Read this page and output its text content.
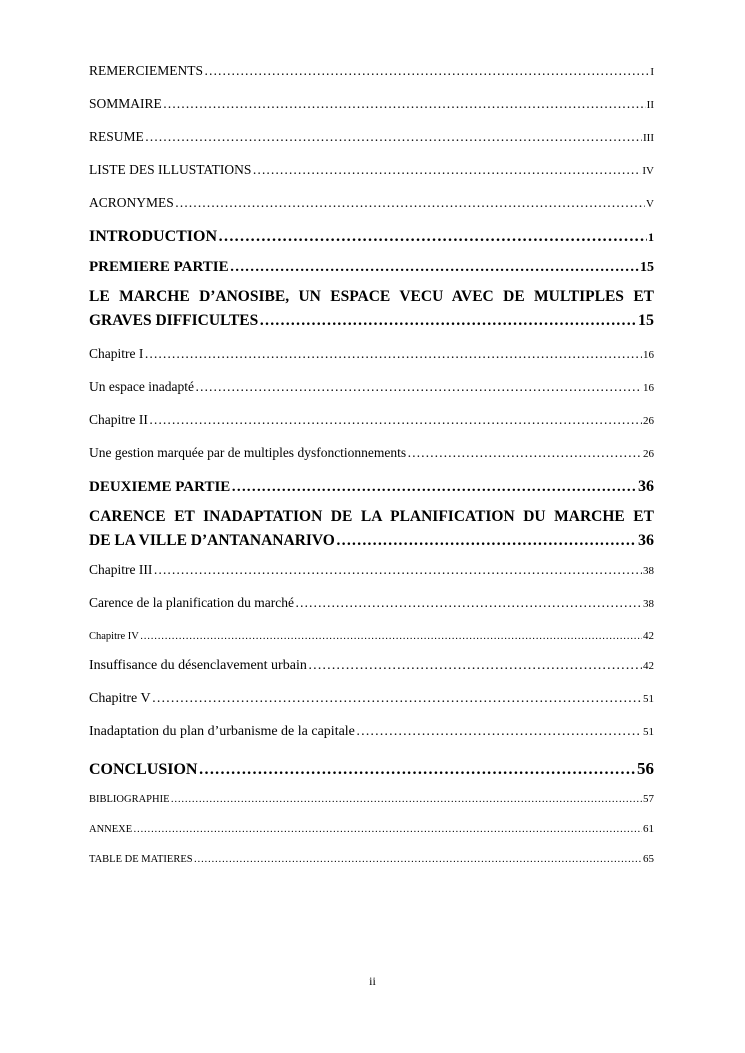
REMERCIEMENTS ……………………………………………………………………………………………………………………………………………………………………………………………………………………………………………………………………	I
SOMMAIRE ……………………………………………………………………………………………………………………………………………………………………………………………………………………………………………………………………	II
RESUME ……………………………………………………………………………………………………………………………………………………………………………………………………………………………………………………………………	III
LISTE DES ILLUSTATIONS ……………………………………………………………………………………………………………………………………………………………………………………………………………………………………………………………………	IV
ACRONYMES ……………………………………………………………………………………………………………………………………………………………………………………………………………………………………………………………………	V
INTRODUCTION ……………………………………………………………………………………………………………………………………………………………………………………………………………………………………………………………………	1
PREMIERE PARTIE ……………………………………………………………………………………………………………………………………………………………………………………………………………………………………………………………………	15
LE MARCHE D’ANOSIBE, UN ESPACE VECU AVEC DE MULTIPLES ET
GRAVES DIFFICULTES ……………………………………………………………………………………………………………………………………………………………………	15
Chapitre I ……………………………………………………………………………………………………………………………………………………………………………………………………………………………………………………………………	16
Un espace inadapté ……………………………………………………………………………………………………………………………………………………………………………………………………………………………………………………………………	16
Chapitre II ……………………………………………………………………………………………………………………………………………………………………………………………………………………………………………………………………	26
Une gestion marquée par de multiples dysfonctionnements ……………………………………………………………………………………………………………………………………………………………………………………………………………………………………………………………………	26
DEUXIEME PARTIE ……………………………………………………………………………………………………………………………………………………………………………………………………………………………………………………………………	36
CARENCE ET INADAPTATION DE LA PLANIFICATION DU MARCHE ET
DE LA VILLE D’ANTANANARIVO ……………………………………………………………………………………………………………………………………………………………………	36
Chapitre III ……………………………………………………………………………………………………………………………………………………………………………………………………………………………………………………………………	38
Carence de la planification du marché ……………………………………………………………………………………………………………………………………………………………………………………………………………………………………………………………………	38
Chapitre IV ……………………………………………………………………………………………………………………………………………………………………………………………………………………………………………………………………	42
Insuffisance du désenclavement urbain ……………………………………………………………………………………………………………………………………………………………………………………………………………………………………………………………………	42
Chapitre V ……………………………………………………………………………………………………………………………………………………………………………………………………………………………………………………………………	51
Inadaptation du plan d’urbanisme de la capitale ……………………………………………………………………………………………………………………………………………………………………………………………………………………………………………………………………	51
CONCLUSION ……………………………………………………………………………………………………………………………………………………………………………………………………………………………………………………………………	56
BIBLIOGRAPHIE ……………………………………………………………………………………………………………………………………………………………………………………………………………………………………………………………………	57
ANNEXE ……………………………………………………………………………………………………………………………………………………………………………………………………………………………………………………………………	61
TABLE DE MATIERES ……………………………………………………………………………………………………………………………………………………………………………………………………………………………………………………………………	65
ii
